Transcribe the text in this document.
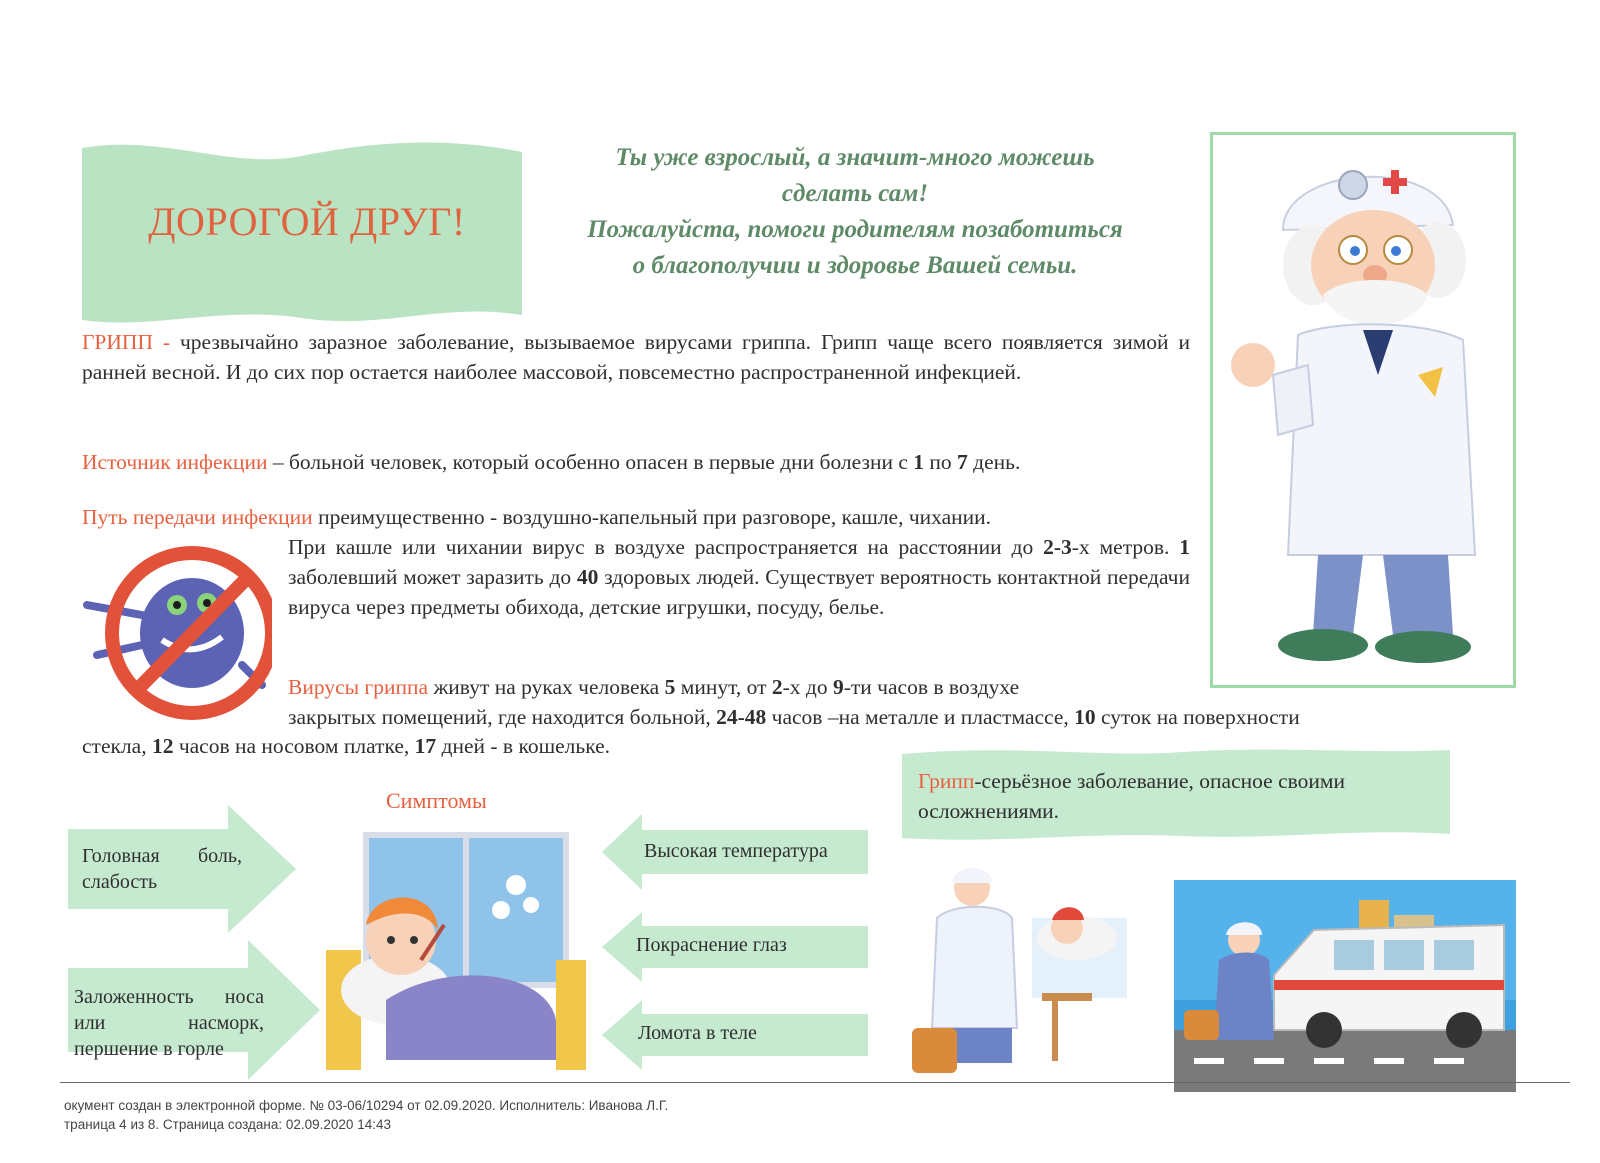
ДОРОГОЙ ДРУГ!
Ты уже взрослый, а значит-много можешь
сделать сам!
Пожалуйста, помоги родителям позаботиться
о благополучии и здоровье Вашей семьи.
ГРИПП - чрезвычайно заразное заболевание, вызываемое вирусами гриппа. Грипп чаще всего появляется зимой и ранней весной. И до сих пор остается наиболее массовой, повсеместно распространенной инфекцией.
Источник инфекции – больной человек, который особенно опасен в первые дни болезни с 1 по 7 день.
Путь передачи инфекции преимущественно - воздушно-капельный при разговоре, кашле, чихании.
При кашле или чихании вирус в воздухе распространяется на расстоянии до 2-3-х метров. 1 заболевший может заразить до 40 здоровых людей. Существует вероятность контактной передачи вируса через предметы обихода, детские игрушки, посуду, белье.
Вирусы гриппа живут на руках человека 5 минут, от 2-х до 9-ти часов в воздухе
закрытых помещений, где находится больной, 24-48 часов –на металле и пластмассе, 10 суток на поверхности
стекла, 12 часов на носовом платке, 17 дней - в кошельке.
Грипп-серьёзное заболевание, опасное своими осложнениями.
Симптомы
Головная боль, слабость
Заложенность носа или насморк, першение в горле
Высокая температура
Покраснение глаз
Ломота в теле
окумент создан в электронной форме. № 03-06/10294 от 02.09.2020. Исполнитель: Иванова Л.Г.
траница 4 из 8. Страница создана: 02.09.2020 14:43
